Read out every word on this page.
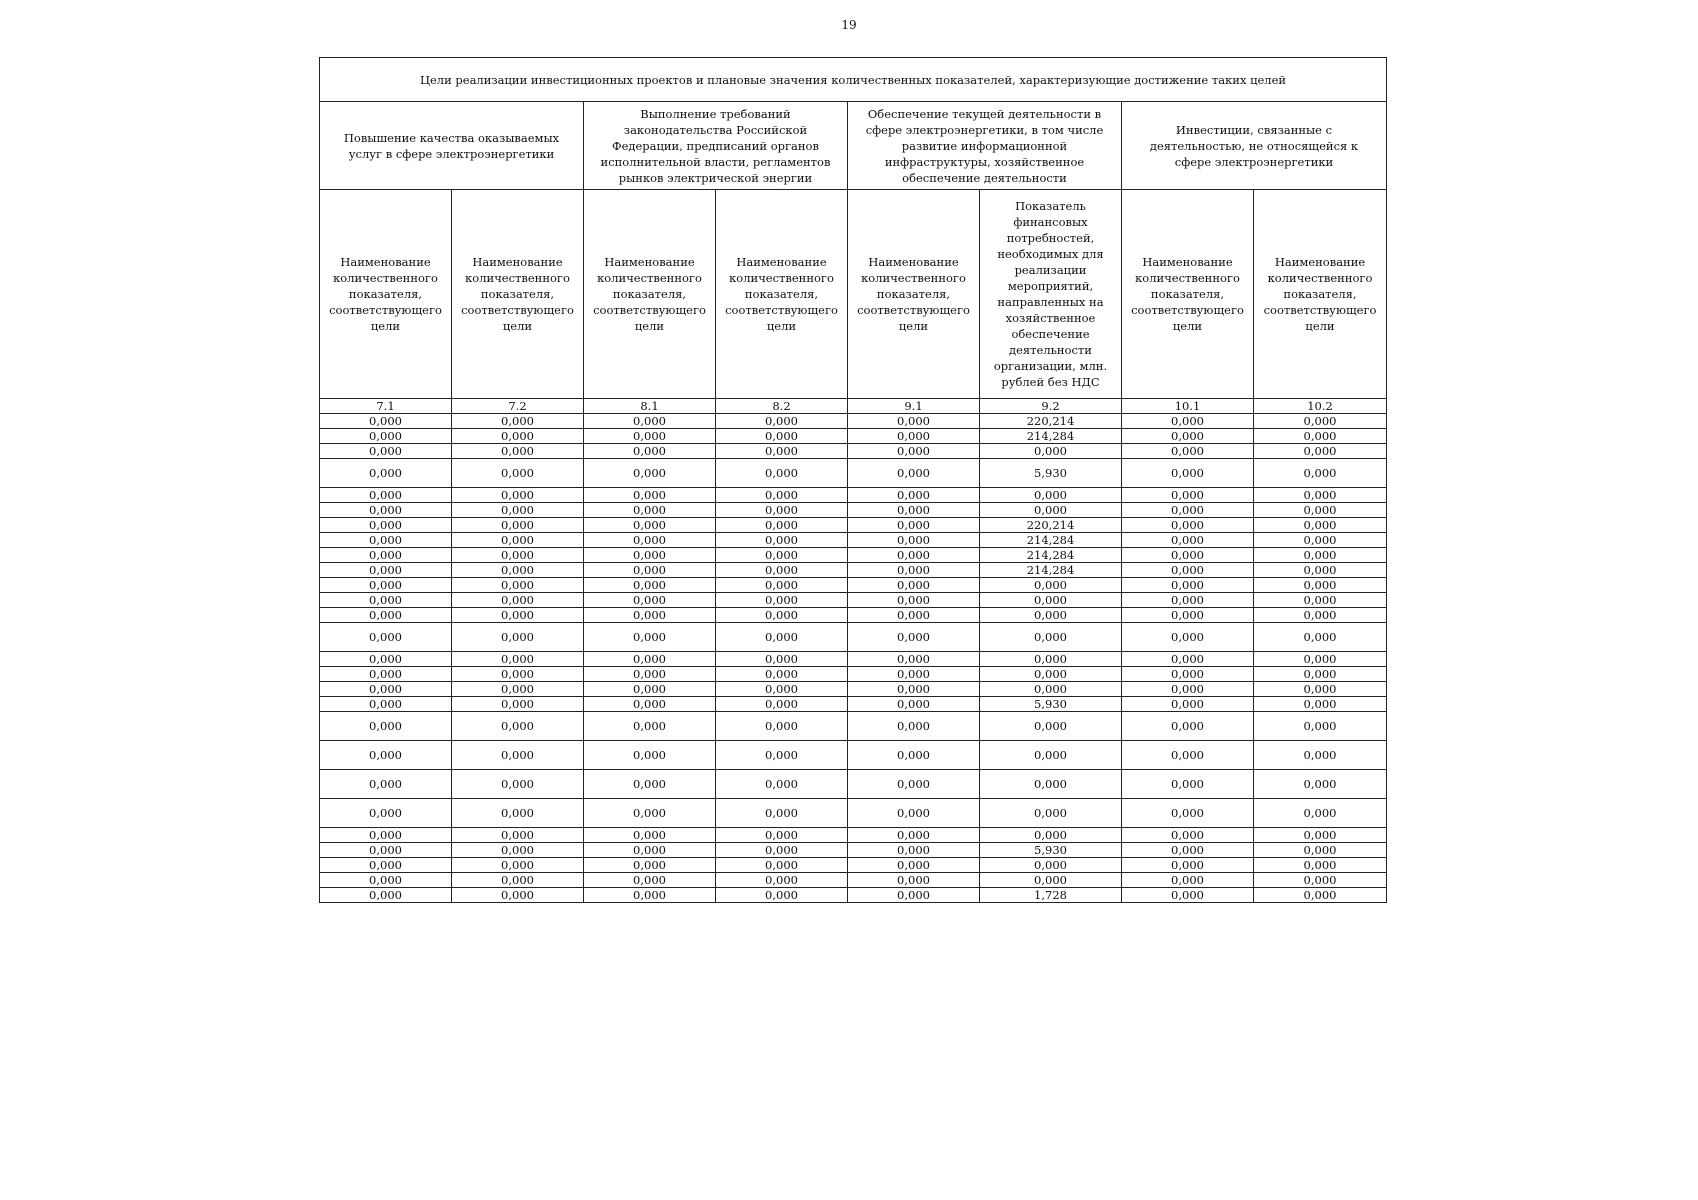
19
Цели реализации инвестиционных проектов и плановые значения количественных показателей, характеризующие достижение таких целей							
Повышение качества оказываемых услуг в сфере электроэнергетики		Выполнение требований законодательства Российской Федерации, предписаний органов исполнительной власти, регламентов рынков электрической энергии		Обеспечение текущей деятельности в сфере электроэнергетики, в том числе развитие информационной инфраструктуры, хозяйственное обеспечение деятельности		Инвестиции, связанные с деятельностью, не относящейся к сфере электроэнергетики	
Наименование количественного показателя, соответствующего цели	Наименование количественного показателя, соответствующего цели	Наименование количественного показателя, соответствующего цели	Наименование количественного показателя, соответствующего цели	Наименование количественного показателя, соответствующего цели	Показатель финансовых потребностей, необходимых для реализации мероприятий, направленных на хозяйственное обеспечение деятельности организации, млн. рублей без НДС	Наименование количественного показателя, соответствующего цели	Наименование количественного показателя, соответствующего цели
7.1	7.2	8.1	8.2	9.1	9.2	10.1	10.2
0,000	0,000	0,000	0,000	0,000	220,214	0,000	0,000
0,000	0,000	0,000	0,000	0,000	214,284	0,000	0,000
0,000	0,000	0,000	0,000	0,000	0,000	0,000	0,000
0,000	0,000	0,000	0,000	0,000	5,930	0,000	0,000
0,000	0,000	0,000	0,000	0,000	0,000	0,000	0,000
0,000	0,000	0,000	0,000	0,000	0,000	0,000	0,000
0,000	0,000	0,000	0,000	0,000	220,214	0,000	0,000
0,000	0,000	0,000	0,000	0,000	214,284	0,000	0,000
0,000	0,000	0,000	0,000	0,000	214,284	0,000	0,000
0,000	0,000	0,000	0,000	0,000	214,284	0,000	0,000
0,000	0,000	0,000	0,000	0,000	0,000	0,000	0,000
0,000	0,000	0,000	0,000	0,000	0,000	0,000	0,000
0,000	0,000	0,000	0,000	0,000	0,000	0,000	0,000
0,000	0,000	0,000	0,000	0,000	0,000	0,000	0,000
0,000	0,000	0,000	0,000	0,000	0,000	0,000	0,000
0,000	0,000	0,000	0,000	0,000	0,000	0,000	0,000
0,000	0,000	0,000	0,000	0,000	0,000	0,000	0,000
0,000	0,000	0,000	0,000	0,000	5,930	0,000	0,000
0,000	0,000	0,000	0,000	0,000	0,000	0,000	0,000
0,000	0,000	0,000	0,000	0,000	0,000	0,000	0,000
0,000	0,000	0,000	0,000	0,000	0,000	0,000	0,000
0,000	0,000	0,000	0,000	0,000	0,000	0,000	0,000
0,000	0,000	0,000	0,000	0,000	0,000	0,000	0,000
0,000	0,000	0,000	0,000	0,000	5,930	0,000	0,000
0,000	0,000	0,000	0,000	0,000	0,000	0,000	0,000
0,000	0,000	0,000	0,000	0,000	0,000	0,000	0,000
0,000	0,000	0,000	0,000	0,000	1,728	0,000	0,000
